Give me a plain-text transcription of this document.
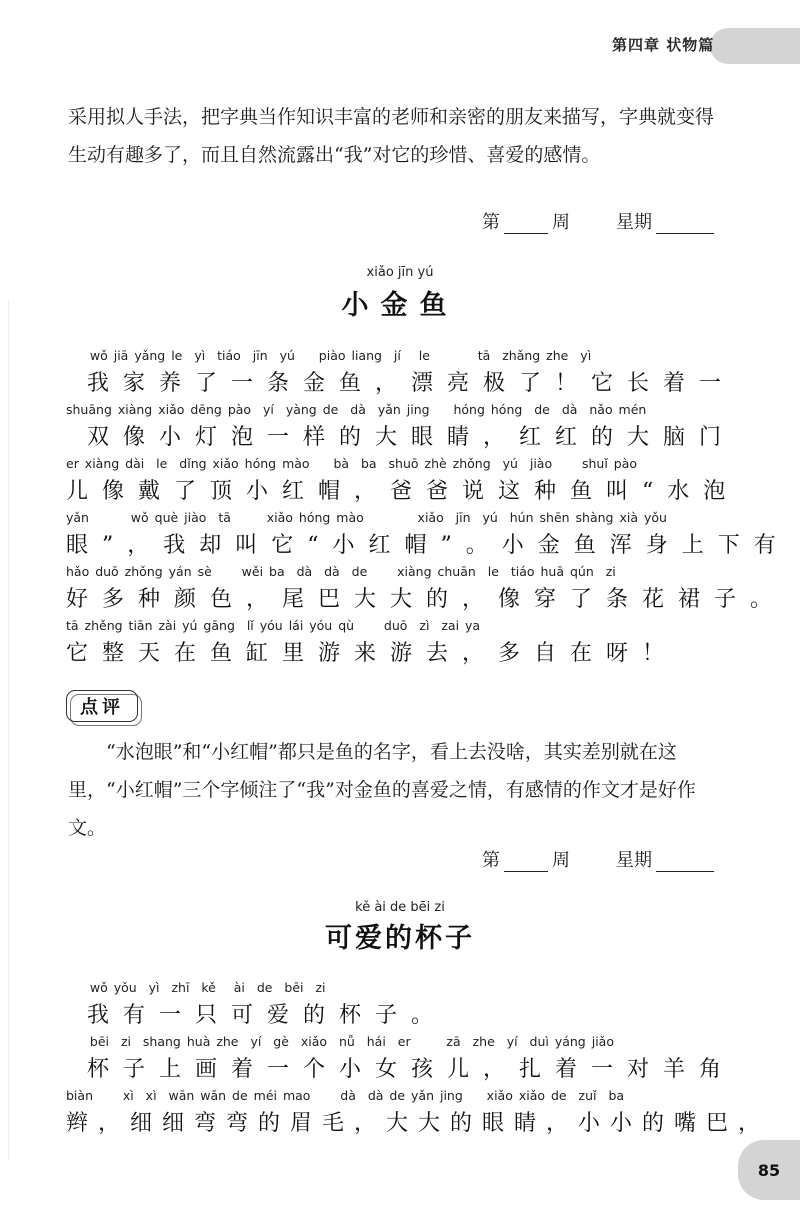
第四章 状物篇

采用拟人手法，把字典当作知识丰富的老师和亲密的朋友来描写，字典就变得生动有趣多了，而且自然流露出“我”对它的珍惜、喜爱的感情。

第	周	星期
xiǎo jīn yú
小金鱼
wǒ jiā yǎng le  yì  tiáo  jīn  yú    piào liang  jí   le        tā  zhǎng zhe  yì
我家养了一条金鱼，漂亮极了！它长着一
shuāng xiàng xiǎo dēng pào  yí  yàng de  dà  yǎn jing    hóng hóng  de  dà  nǎo mén
双像小灯泡一样的大眼睛，红红的大脑门
er xiàng dài  le  dǐng xiǎo hóng mào    bà  ba  shuō zhè zhǒng  yú  jiào     shuǐ pào
儿像戴了顶小红帽，爸爸说这种鱼叫“水泡
yǎn       wǒ què jiào  tā      xiǎo hóng mào         xiǎo  jīn  yú  hún shēn shàng xià yǒu
眼”，我却叫它“小红帽”。小金鱼浑身上下有
hǎo duō zhǒng yán sè     wěi ba  dà  dà  de     xiàng chuān  le  tiáo huā qún  zi
好多种颜色，尾巴大大的，像穿了条花裙子。
tā zhěng tiān zài yú gāng  lǐ yóu lái yóu qù     duō  zì  zai ya
它整天在鱼缸里游来游去，多自在呀！
点评

“水泡眼”和“小红帽”都只是鱼的名字，看上去没啥，其实差别就在这里，“小红帽”三个字倾注了“我”对金鱼的喜爱之情，有感情的作文才是好作文。

第	周	星期
kě ài de bēi zi
可爱的杯子
wǒ yǒu  yì  zhī  kě   ài  de  bēi  zi
我有一只可爱的杯子。
bēi  zi  shang huà zhe  yí  gè  xiǎo  nǚ  hái  er      zā  zhe  yí  duì yáng jiǎo
杯子上画着一个小女孩儿，扎着一对羊角
biàn     xì  xì  wān wān de méi mao     dà  dà de yǎn jing    xiǎo xiǎo de  zuǐ  ba
辫，细细弯弯的眉毛，大大的眼睛，小小的嘴巴，
85
